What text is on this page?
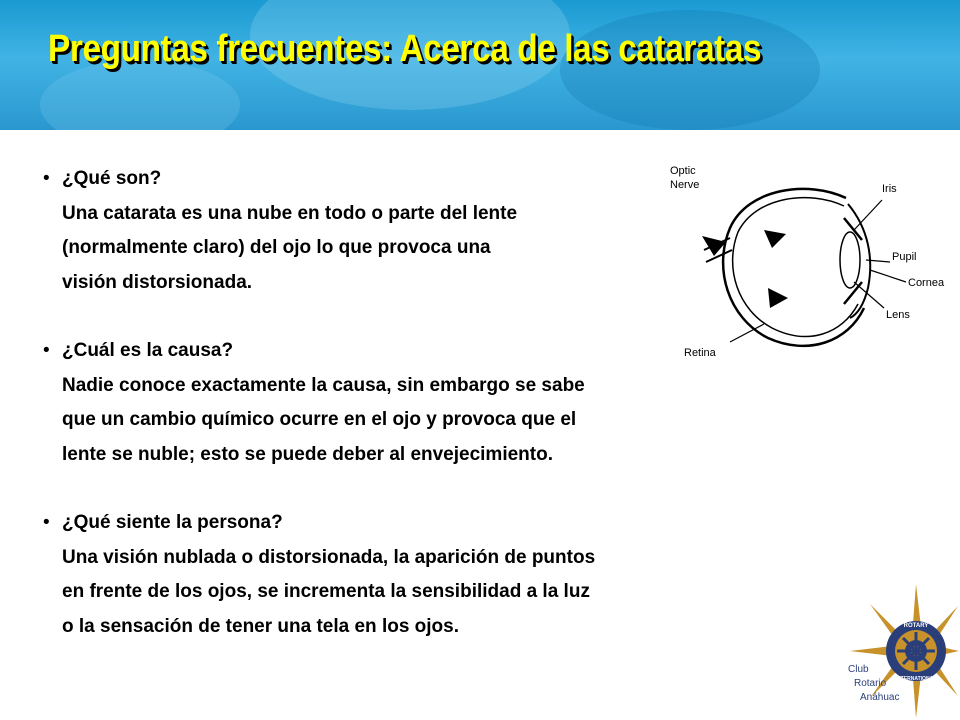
Preguntas frecuentes: Acerca de las cataratas
• ¿Qué son?
Una catarata es una nube en todo o parte del lente
(normalmente claro) del ojo lo que provoca una
visión distorsionada.
• ¿Cuál es la causa?
Nadie conoce exactamente la causa, sin embargo se sabe
que un cambio químico ocurre en el ojo y provoca que el
lente se nuble; esto se puede deber al envejecimiento.
• ¿Qué siente la persona?
Una visión nublada o distorsionada, la aparición de puntos
en frente de los ojos, se incrementa la sensibilidad a la luz
o la sensación de tener una tela en los ojos.
Optic
Nerve	Iris
Pupil
Cornea
Lens
Retina
ROTARY
INTERNATIONAL
Club
Rotario
Anáhuac
